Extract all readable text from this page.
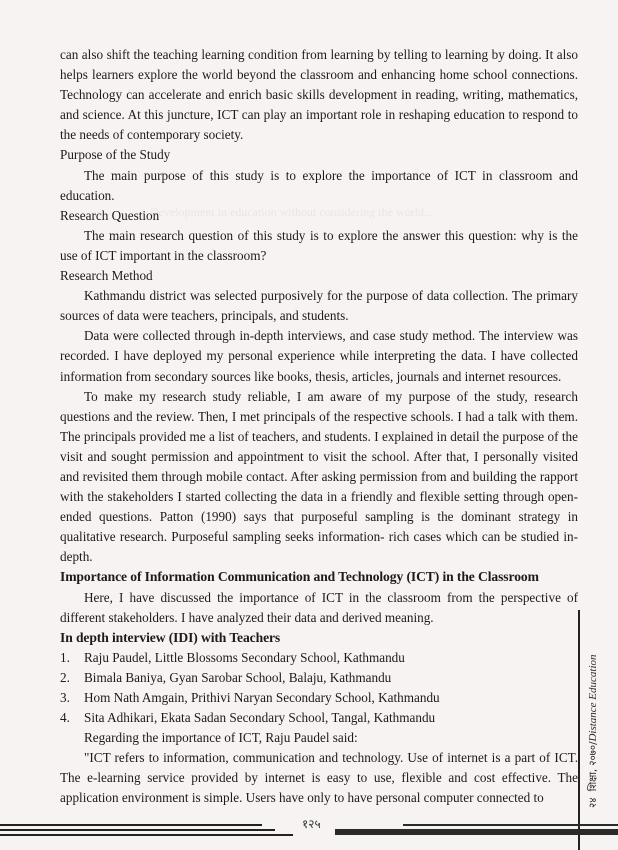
Development in education without considering the world...

can also shift the teaching learning condition from learning by telling to learning by doing. It also helps learners explore the world beyond the classroom and enhancing home school connections. Technology can accelerate and enrich basic skills development in reading, writing, mathematics, and science. At this juncture, ICT can play an important role in reshaping education to respond to the needs of contemporary society.

Purpose of the Study

The main purpose of this study is to explore the importance of ICT in classroom and education.

Research Question

The main research question of this study is to explore the answer this question: why is the use of ICT important in the classroom?

Research Method

Kathmandu district was selected purposively for the purpose of data collection. The primary sources of data were teachers, principals, and students.

Data were collected through in-depth interviews, and case study method. The interview was recorded. I have deployed my personal experience while interpreting the data. I have collected information from secondary sources like books, thesis, articles, journals and internet resources.

To make my research study reliable, I am aware of my purpose of the study, research questions and the review. Then, I met principals of the respective schools. I had a talk with them. The principals provided me a list of teachers, and students. I explained in detail the purpose of the visit and sought permission and appointment to visit the school. After that, I personally visited and revisited them through mobile contact. After asking permission from and building the rapport with the stakeholders I started collecting the data in a friendly and flexible setting through open-ended questions. Patton (1990) says that purposeful sampling is the dominant strategy in qualitative research. Purposeful sampling seeks information- rich cases which can be studied in-depth.

Importance of Information Communication and Technology (ICT) in the Classroom

Here, I have discussed the importance of ICT in the classroom from the perspective of different stakeholders. I have analyzed their data and derived meaning.

In depth interview (IDI) with Teachers
1.	Raju Paudel, Little Blossoms Secondary School, Kathmandu
2.	Bimala Baniya, Gyan Sarobar School, Balaju, Kathmandu
3.	Hom Nath Amgain, Prithivi Naryan Secondary School, Kathmandu
4.	Sita Adhikari, Ekata Sadan Secondary School, Tangal, Kathmandu

Regarding the importance of ICT, Raju Paudel said:

"ICT refers to information, communication and technology. Use of internet is a part of ICT. The e-learning service provided by internet is easy to use, flexible and cost effective. The application environment is simple. Users have only to have personal computer connected to	२४  शिक्षा, २०७०/Distance Education
१२५
